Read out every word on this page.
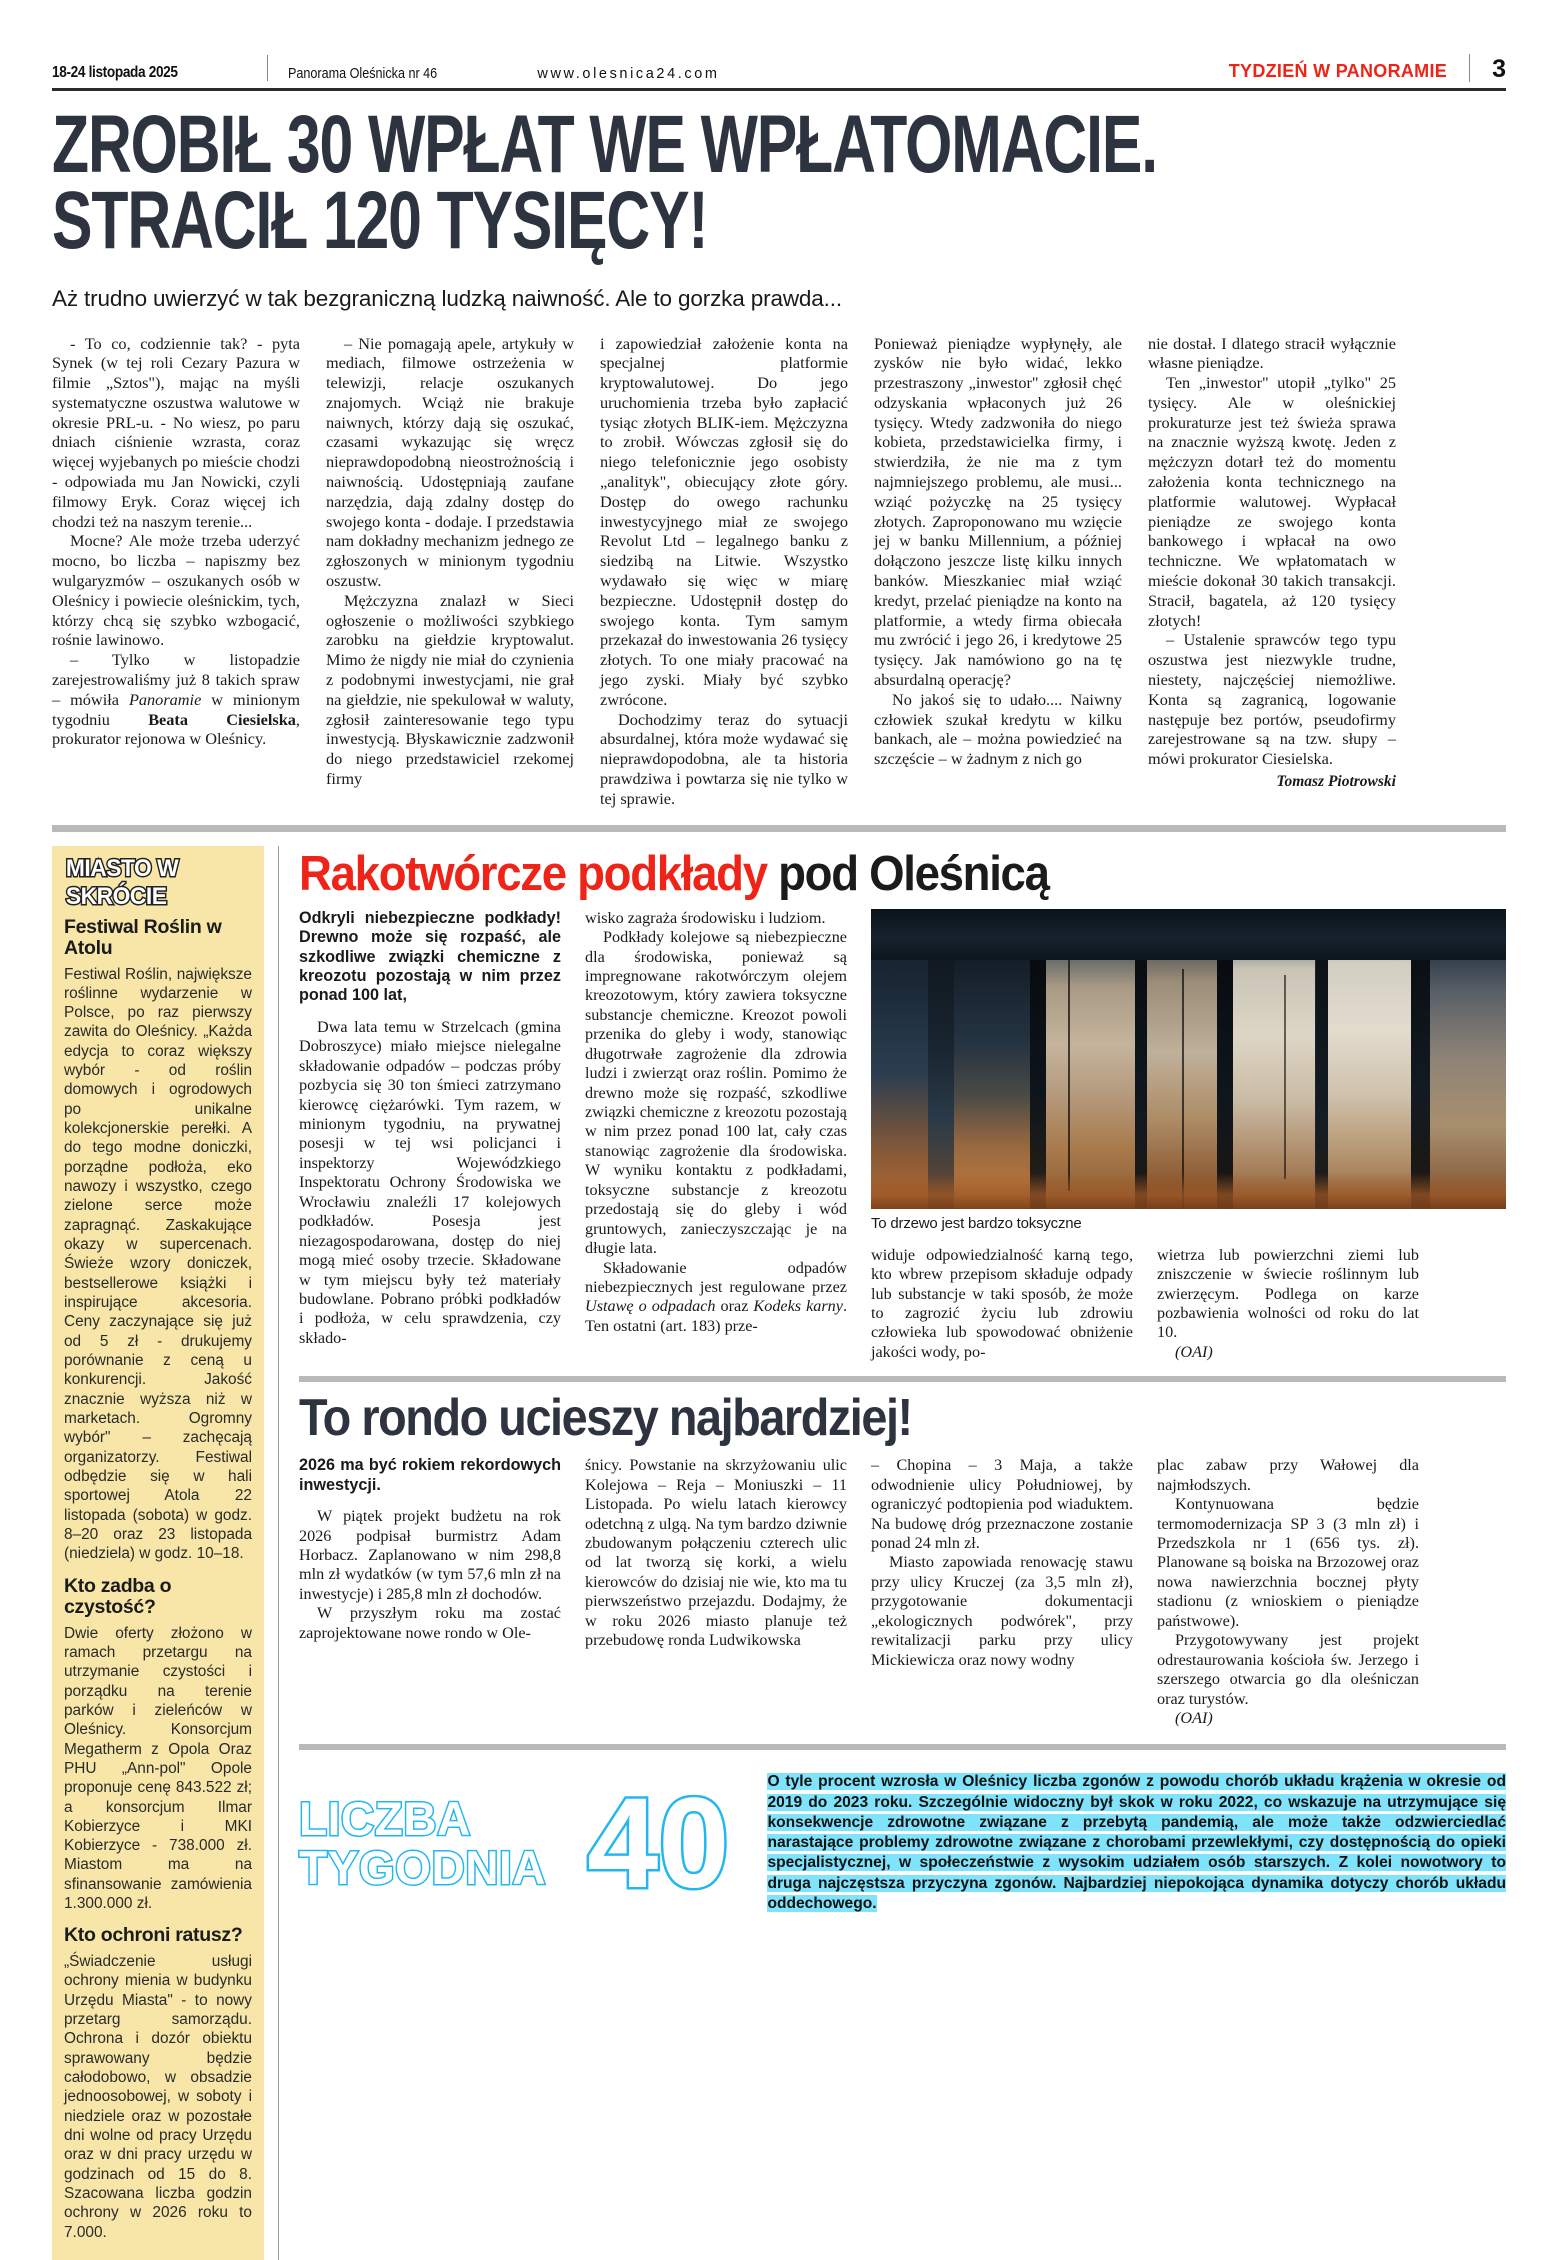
18-24 listopada 2025	Panorama Oleśnicka nr 46	www.olesnica24.com	TYDZIEŃ W PANORAMIE 3
ZROBIŁ 30 WPŁAT WE WPŁATOMACIE.
STRACIŁ 120 TYSIĘCY!
Aż trudno uwierzyć w tak bezgraniczną ludzką naiwność. Ale to gorzka prawda...

- To co, codziennie tak? - pyta Synek (w tej roli Cezary Pazura w filmie „Sztos"), mając na myśli systematyczne oszustwa walutowe w okresie PRL-u. - No wiesz, po paru dniach ciśnienie wzrasta, coraz więcej wyjebanych po mieście chodzi - odpowiada mu Jan Nowicki, czyli filmowy Eryk. Coraz więcej ich chodzi też na naszym terenie...

Mocne? Ale może trzeba uderzyć mocno, bo liczba – napiszmy bez wulgaryzmów – oszukanych osób w Oleśnicy i powiecie oleśnickim, tych, którzy chcą się szybko wzbogacić, rośnie lawinowo.

– Tylko w listopadzie zarejestrowaliśmy już 8 takich spraw – mówiła Panoramie w minionym tygodniu Beata Ciesielska, prokurator rejonowa w Oleśnicy.

– Nie pomagają apele, artykuły w mediach, filmowe ostrzeżenia w telewizji, relacje oszukanych znajomych. Wciąż nie brakuje naiwnych, którzy dają się oszukać, czasami wykazując się wręcz nieprawdopodobną nieostrożnością i naiwnością. Udostępniają zaufane narzędzia, dają zdalny dostęp do swojego konta - dodaje. I przedstawia nam dokładny mechanizm jednego ze zgłoszonych w minionym tygodniu oszustw.

Mężczyzna znalazł w Sieci ogłoszenie o możliwości szybkiego zarobku na giełdzie kryptowalut. Mimo że nigdy nie miał do czynienia z podobnymi inwestycjami, nie grał na giełdzie, nie spekulował w waluty, zgłosił zainteresowanie tego typu inwestycją. Błyskawicznie zadzwonił do niego przedstawiciel rzekomej firmy

i zapowiedział założenie konta na specjalnej platformie kryptowalutowej. Do jego uruchomienia trzeba było zapłacić tysiąc złotych BLIK-iem. Mężczyzna to zrobił. Wówczas zgłosił się do niego telefonicznie jego osobisty „analityk", obiecujący złote góry. Dostęp do owego rachunku inwestycyjnego miał ze swojego Revolut Ltd – legalnego banku z siedzibą na Litwie. Wszystko wydawało się więc w miarę bezpieczne. Udostępnił dostęp do swojego konta. Tym samym przekazał do inwestowania 26 tysięcy złotych. To one miały pracować na jego zyski. Miały być szybko zwrócone.

Dochodzimy teraz do sytuacji absurdalnej, która może wydawać się nieprawdopodobna, ale ta historia prawdziwa i powtarza się nie tylko w tej sprawie.

Ponieważ pieniądze wypłynęły, ale zysków nie było widać, lekko przestraszony „inwestor" zgłosił chęć odzyskania wpłaconych już 26 tysięcy. Wtedy zadzwoniła do niego kobieta, przedstawicielka firmy, i stwierdziła, że nie ma z tym najmniejszego problemu, ale musi... wziąć pożyczkę na 25 tysięcy złotych. Zaproponowano mu wzięcie jej w banku Millennium, a później dołączono jeszcze listę kilku innych banków. Mieszkaniec miał wziąć kredyt, przelać pieniądze na konto na platformie, a wtedy firma obiecała mu zwrócić i jego 26, i kredytowe 25 tysięcy. Jak namówiono go na tę absurdalną operację?

No jakoś się to udało.... Naiwny człowiek szukał kredytu w kilku bankach, ale – można powiedzieć na szczęście – w żadnym z nich go

nie dostał. I dlatego stracił wyłącznie własne pieniądze.

Ten „inwestor" utopił „tylko" 25 tysięcy. Ale w oleśnickiej prokuraturze jest też świeża sprawa na znacznie wyższą kwotę. Jeden z mężczyzn dotarł też do momentu założenia konta technicznego na platformie walutowej. Wypłacał pieniądze ze swojego konta bankowego i wpłacał na owo techniczne. We wpłatomatach w mieście dokonał 30 takich transakcji. Stracił, bagatela, aż 120 tysięcy złotych!

– Ustalenie sprawców tego typu oszustwa jest niezwykle trudne, niestety, najczęściej niemożliwe. Konta są zagranicą, logowanie następuje bez portów, pseudofirmy zarejestrowane są na tzw. słupy – mówi prokurator Ciesielska.

Tomasz Piotrowski

MIASTO W SKRÓCIE
Festiwal Roślin w Atolu

Festiwal Roślin, największe roślinne wydarzenie w Polsce, po raz pierwszy zawita do Oleśnicy. „Każda edycja to coraz większy wybór - od roślin domowych i ogrodowych po unikalne kolekcjonerskie perełki. A do tego modne doniczki, porządne podłoża, eko nawozy i wszystko, czego zielone serce może zapragnąć. Zaskakujące okazy w supercenach. Świeże wzory doniczek, bestsellerowe książki i inspirujące akcesoria. Ceny zaczynające się już od 5 zł - drukujemy porównanie z ceną u konkurencji. Jakość znacznie wyższa niż w marketach. Ogromny wybór" – zachęcają organizatorzy. Festiwal odbędzie się w hali sportowej Atola 22 listopada (sobota) w godz. 8–20 oraz 23 listopada (niedziela) w godz. 10–18.

Kto zadba o czystość?

Dwie oferty złożono w ramach przetargu na utrzymanie czystości i porządku na terenie parków i zieleńców w Oleśnicy. Konsorcjum Megatherm z Opola Oraz PHU „Ann-pol" Opole proponuje cenę 843.522 zł; a konsorcjum Ilmar Kobierzyce i MKI Kobierzyce - 738.000 zł. Miastom ma na sfinansowanie zamówienia 1.300.000 zł.

Kto ochroni ratusz?

„Świadczenie usługi ochrony mienia w budynku Urzędu Miasta" - to nowy przetarg samorządu. Ochrona i dozór obiektu sprawowany będzie całodobowo, w obsadzie jednoosobowej, w soboty i niedziele oraz w pozostałe dni wolne od pracy Urzędu oraz w dni pracy urzędu w godzinach od 15 do 8. Szacowana liczba godzin ochrony w 2026 roku to 7.000.

Rakotwórcze podkłady pod Oleśnicą

Odkryli niebezpieczne podkłady! Drewno może się rozpaść, ale szkodliwe związki chemiczne z kreozotu pozostają w nim przez ponad 100 lat,

Dwa lata temu w Strzelcach (gmina Dobroszyce) miało miejsce nielegalne składowanie odpadów – podczas próby pozbycia się 30 ton śmieci zatrzymano kierowcę ciężarówki. Tym razem, w minionym tygodniu, na prywatnej posesji w tej wsi policjanci i inspektorzy Wojewódzkiego Inspektoratu Ochrony Środowiska we Wrocławiu znaleźli 17 kolejowych podkładów. Posesja jest niezagospodarowana, dostęp do niej mogą mieć osoby trzecie. Składowane w tym miejscu były też materiały budowlane. Pobrano próbki podkładów i podłoża, w celu sprawdzenia, czy składo-

wisko zagraża środowisku i ludziom.

Podkłady kolejowe są niebezpieczne dla środowiska, ponieważ są impregnowane rakotwórczym olejem kreozotowym, który zawiera toksyczne substancje chemiczne. Kreozot powoli przenika do gleby i wody, stanowiąc długotrwałe zagrożenie dla zdrowia ludzi i zwierząt oraz roślin. Pomimo że drewno może się rozpaść, szkodliwe związki chemiczne z kreozotu pozostają w nim przez ponad 100 lat, cały czas stanowiąc zagrożenie dla środowiska. W wyniku kontaktu z podkładami, toksyczne substancje z kreozotu przedostają się do gleby i wód gruntowych, zanieczyszczając je na długie lata.

Składowanie odpadów niebezpiecznych jest regulowane przez Ustawę o odpadach oraz Kodeks karny. Ten ostatni (art. 183) prze-

To drzewo jest bardzo toksyczne

widuje odpowiedzialność karną tego, kto wbrew przepisom składuje odpady lub substancje w taki sposób, że może to zagrozić życiu lub zdrowiu człowieka lub spowodować obniżenie jakości wody, po-

wietrza lub powierzchni ziemi lub zniszczenie w świecie roślinnym lub zwierzęcym. Podlega on karze pozbawienia wolności od roku do lat 10.

(OAI)

To rondo ucieszy najbardziej!

2026 ma być rokiem rekordowych inwestycji.

W piątek projekt budżetu na rok 2026 podpisał burmistrz Adam Horbacz. Zaplanowano w nim 298,8 mln zł wydatków (w tym 57,6 mln zł na inwestycje) i 285,8 mln zł dochodów.

W przyszłym roku ma zostać zaprojektowane nowe rondo w Ole-

śnicy. Powstanie na skrzyżowaniu ulic Kolejowa – Reja – Moniuszki – 11 Listopada. Po wielu latach kierowcy odetchną z ulgą. Na tym bardzo dziwnie zbudowanym połączeniu czterech ulic od lat tworzą się korki, a wielu kierowców do dzisiaj nie wie, kto ma tu pierwszeństwo przejazdu. Dodajmy, że w roku 2026 miasto planuje też przebudowę ronda Ludwikowska

– Chopina – 3 Maja, a także odwodnienie ulicy Południowej, by ograniczyć podtopienia pod wiaduktem. Na budowę dróg przeznaczone zostanie ponad 24 mln zł.

Miasto zapowiada renowację stawu przy ulicy Kruczej (za 3,5 mln zł), przygotowanie dokumentacji „ekologicznych podwórek", przy rewitalizacji parku przy ulicy Mickiewicza oraz nowy wodny

plac zabaw przy Wałowej dla najmłodszych.

Kontynuowana będzie termomodernizacja SP 3 (3 mln zł) i Przedszkola nr 1 (656 tys. zł). Planowane są boiska na Brzozowej oraz nowa nawierzchnia bocznej płyty stadionu (z wnioskiem o pieniądze państwowe).

Przygotowywany jest projekt odrestaurowania kościoła św. Jerzego i szerszego otwarcia go dla oleśniczan oraz turystów.

(OAI)

LICZBA
TYGODNIA 40 O tyle procent wzrosła w Oleśnicy liczba zgonów z powodu chorób układu krążenia w okresie od 2019 do 2023 roku. Szczególnie widoczny był skok w roku 2022, co wskazuje na utrzymujące się konsekwencje zdrowotne związane z przebytą pandemią, ale może także odzwierciedlać narastające problemy zdrowotne związane z chorobami przewlekłymi, czy dostępnością do opieki specjalistycznej, w społeczeństwie z wysokim udziałem osób starszych. Z kolei nowotwory to druga najczęstsza przyczyna zgonów. Najbardziej niepokojąca dynamika dotyczy chorób układu oddechowego.
